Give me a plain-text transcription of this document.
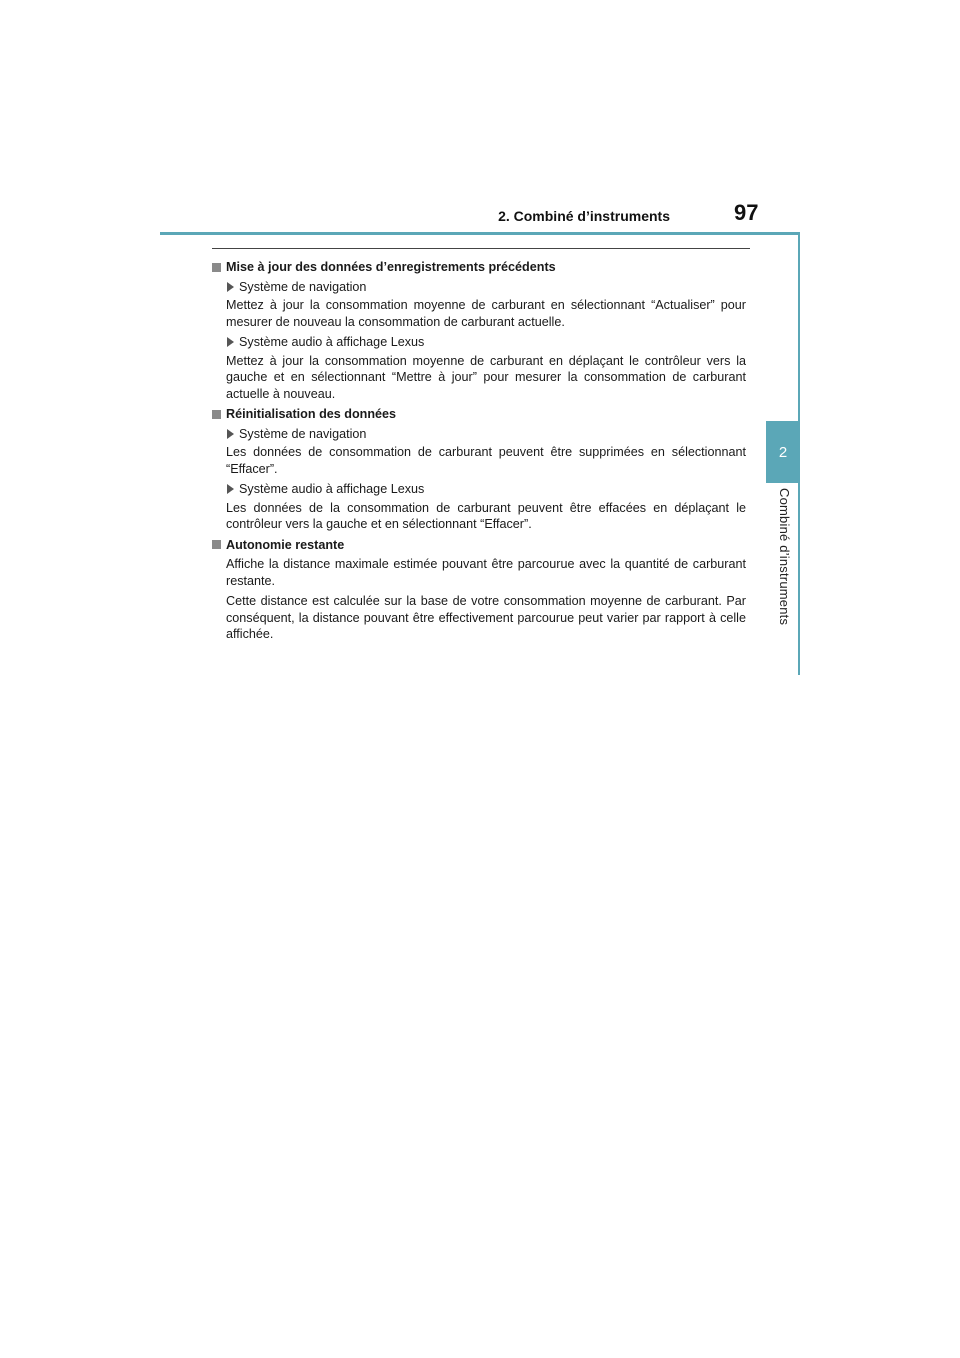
2. Combiné d’instruments	97
2
Combiné d’instruments
Mise à jour des données d’enregistrements précédents
Système de navigation
Mettez à jour la consommation moyenne de carburant en sélectionnant “Actualiser” pour mesurer de nouveau la consommation de carburant actuelle.
Système audio à affichage Lexus
Mettez à jour la consommation moyenne de carburant en déplaçant le contrôleur vers la gauche et en sélectionnant “Mettre à jour” pour mesurer la consommation de carburant actuelle à nouveau.
Réinitialisation des données
Système de navigation
Les données de consommation de carburant peuvent être supprimées en sélectionnant “Effacer”.
Système audio à affichage Lexus
Les données de la consommation de carburant peuvent être effacées en déplaçant le contrôleur vers la gauche et en sélectionnant “Effacer”.
Autonomie restante
Affiche la distance maximale estimée pouvant être parcourue avec la quantité de carburant restante.
Cette distance est calculée sur la base de votre consommation moyenne de carburant. Par conséquent, la distance pouvant être effectivement parcourue peut varier par rapport à celle affichée.
